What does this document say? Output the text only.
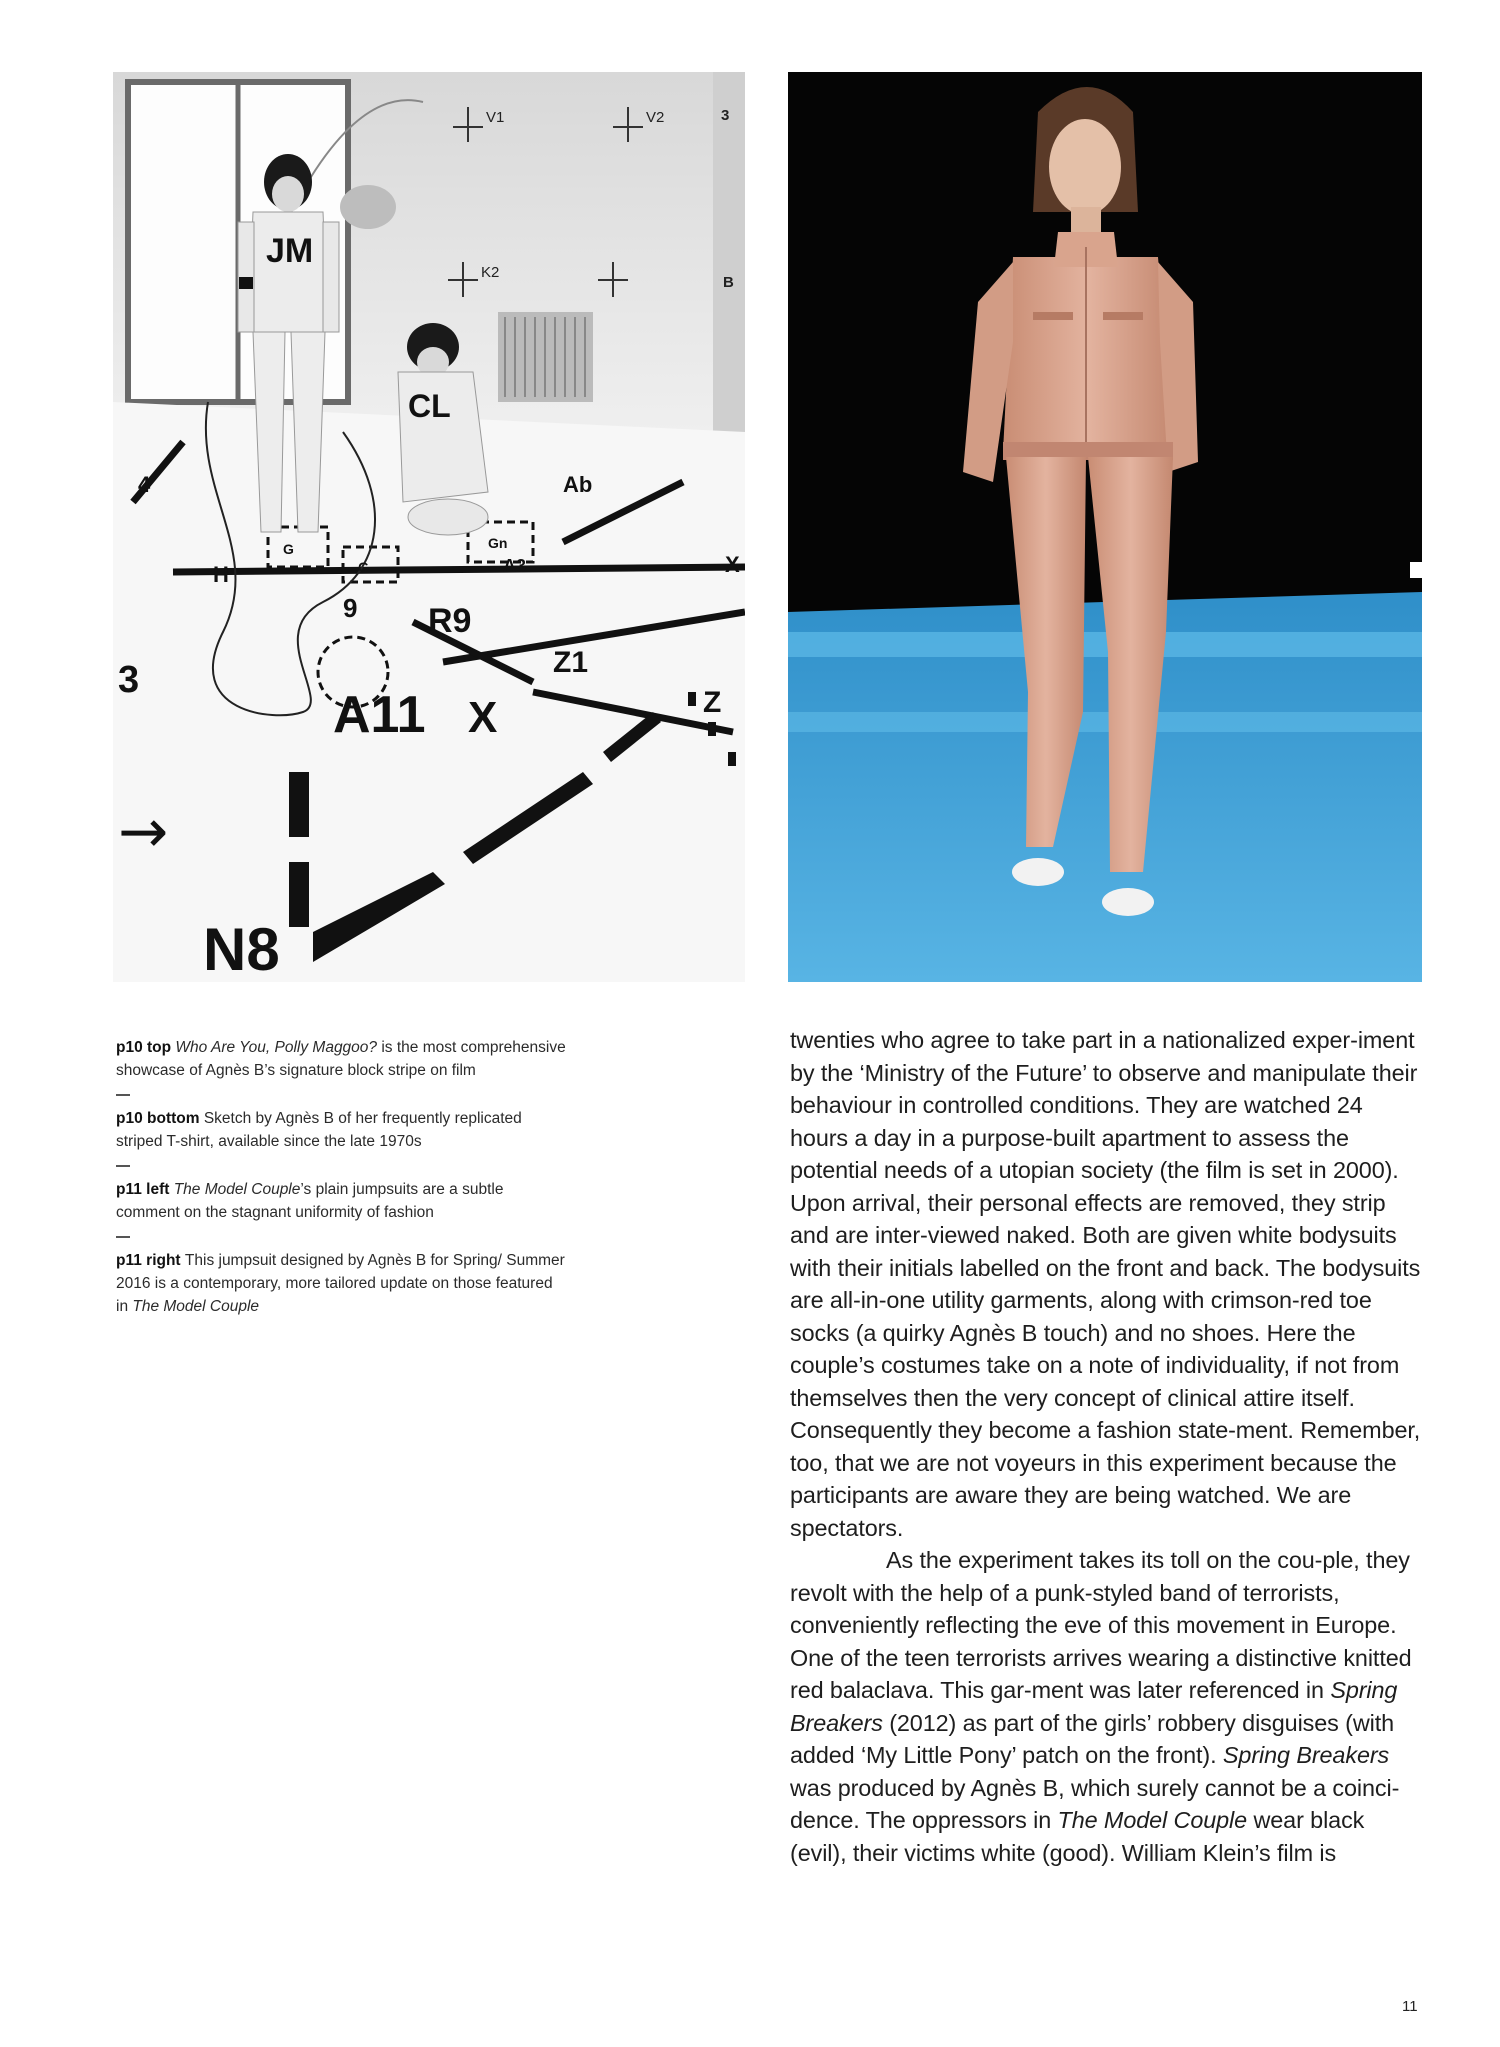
V1	V2
K2
3
B
4	Ab
G
G
Gn
H
9
A3	X
R9
Z1
Z
3
A11 X
N8
→
JM
CL

p10 top Who Are You, Polly Maggoo? is the most comprehensive showcase of Agnès B’s signature block stripe on film

p10 bottom Sketch by Agnès B of her frequently replicated striped T-shirt, available since the late 1970s

p11 left The Model Couple’s plain jumpsuits are a subtle comment on the stagnant uniformity of fashion

p11 right This jumpsuit designed by Agnès B for Spring/ Summer 2016 is a contemporary, more tailored update on those featured in The Model Couple

twenties who agree to take part in a nationalized exper-iment by the ‘Ministry of the Future’ to observe and manipulate their behaviour in controlled conditions. They are watched 24 hours a day in a purpose-built apartment to assess the potential needs of a utopian society (the film is set in 2000). Upon arrival, their personal effects are removed, they strip and are inter-viewed naked. Both are given white bodysuits with their initials labelled on the front and back. The bodysuits are all-in-one utility garments, along with crimson-red toe socks (a quirky Agnès B touch) and no shoes. Here the couple’s costumes take on a note of individuality, if not from themselves then the very concept of clinical attire itself. Consequently they become a fashion state-ment. Remember, too, that we are not voyeurs in this experiment because the participants are aware they are being watched. We are spectators.

As the experiment takes its toll on the cou-ple, they revolt with the help of a punk-styled band of terrorists, conveniently reflecting the eve of this movement in Europe. One of the teen terrorists arrives wearing a distinctive knitted red balaclava. This gar-ment was later referenced in Spring Breakers (2012) as part of the girls’ robbery disguises (with added ‘My Little Pony’ patch on the front). Spring Breakers was produced by Agnès B, which surely cannot be a coinci-dence. The oppressors in The Model Couple wear black (evil), their victims white (good). William Klein’s film is

11
